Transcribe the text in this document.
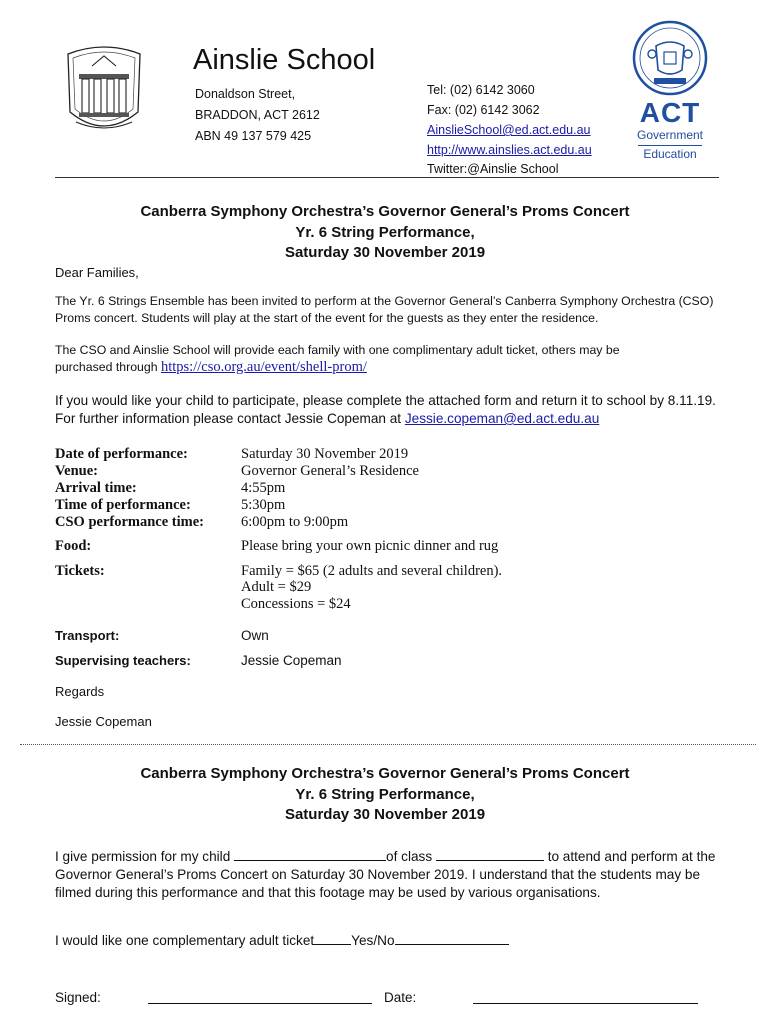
Ainslie School
Donaldson Street,
BRADDON, ACT 2612
ABN 49 137 579 425
Tel: (02) 6142 3060
Fax: (02) 6142 3062
AinslieSchool@ed.act.edu.au
http://www.ainslies.act.edu.au
Twitter:@Ainslie School
ACT
Government
Education
Canberra Symphony Orchestra’s Governor General’s Proms Concert
Yr. 6 String Performance,
Saturday 30 November 2019
Dear Families,
The Yr. 6 Strings Ensemble has been invited to perform at the Governor General’s Canberra Symphony Orchestra (CSO) Proms concert. Students will play at the start of the event for the guests as they enter the residence.
The CSO and Ainslie School will provide each family with one complimentary adult ticket, others may be
purchased through https://cso.org.au/event/shell-prom/
If you would like your child to participate, please complete the attached form and return it to school by 8.11.19. For further information please contact Jessie Copeman at Jessie.copeman@ed.act.edu.au
Date of performance:	Saturday 30 November 2019
Venue:	Governor General’s Residence
Arrival time:	4:55pm
Time of performance:	5:30pm
CSO performance time:	6:00pm to 9:00pm
Food:	Please bring your own picnic dinner and rug
Tickets:	Family = $65 (2 adults and several children).
Adult = $29
Concessions = $24
Transport:	Own
Supervising teachers:	Jessie Copeman
Regards
Jessie Copeman
Canberra Symphony Orchestra’s Governor General’s Proms Concert
Yr. 6 String Performance,
Saturday 30 November 2019
I give permission for my child	of class	to attend and perform at the Governor General’s Proms Concert on Saturday 30 November 2019. I understand that the students may be filmed during this performance and that this footage may be used by various organisations.
I would like one complementary adult ticket	Yes/No
Signed:	Date:
